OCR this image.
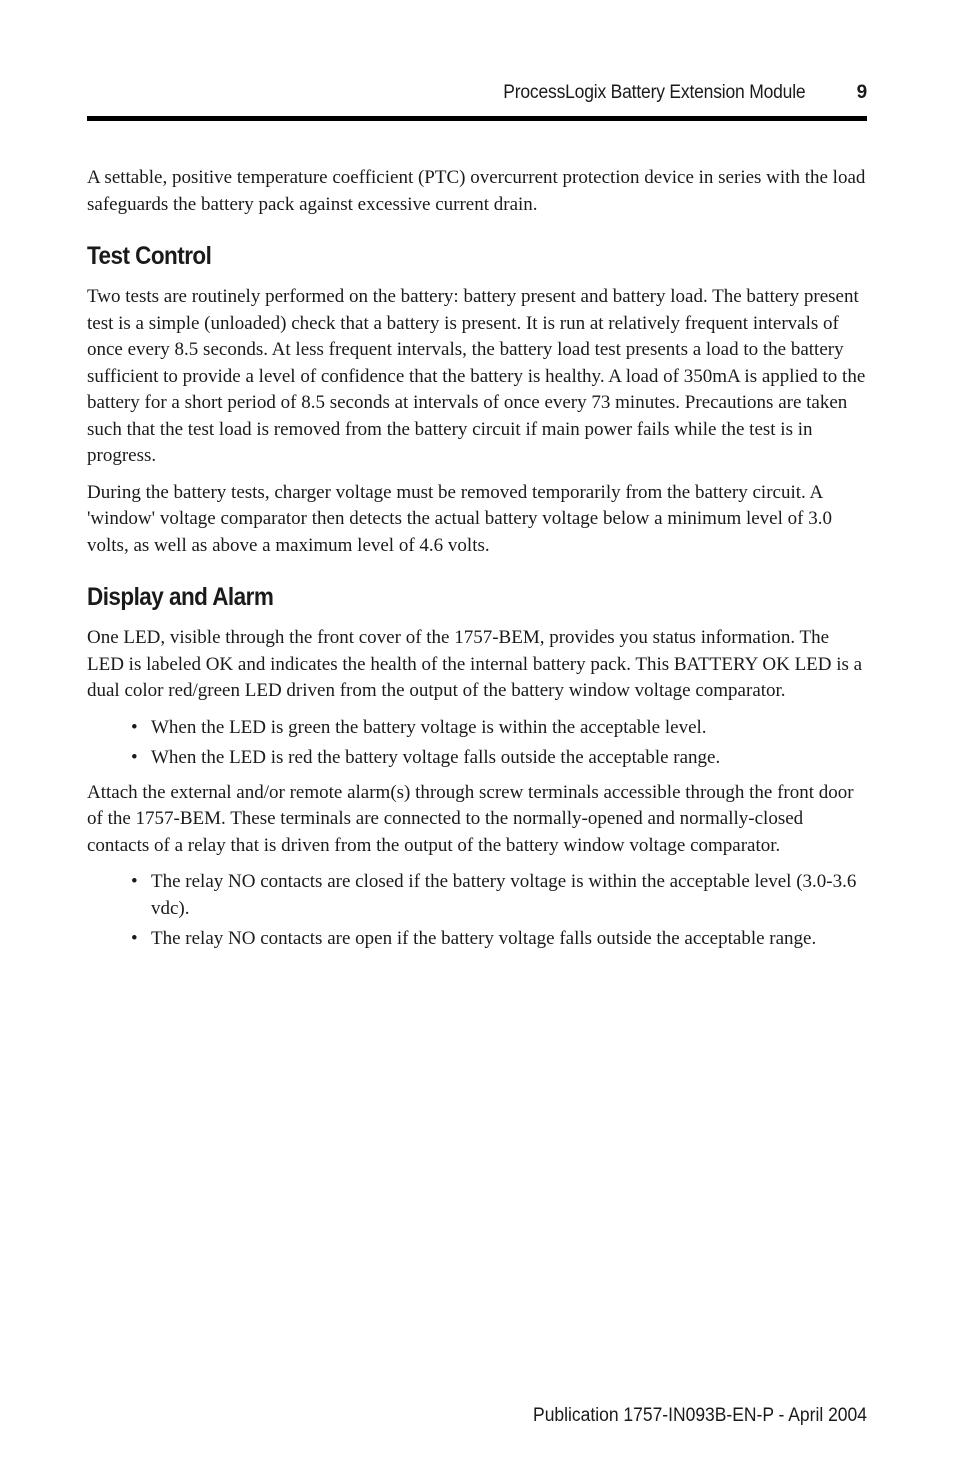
ProcessLogix Battery Extension Module	9

A settable, positive temperature coefficient (PTC) overcurrent protection device in series with the load safeguards the battery pack against excessive current drain.

Test Control

Two tests are routinely performed on the battery: battery present and battery load. The battery present test is a simple (unloaded) check that a battery is present. It is run at relatively frequent intervals of once every 8.5 seconds. At less frequent intervals, the battery load test presents a load to the battery sufficient to provide a level of confidence that the battery is healthy. A load of 350mA is applied to the battery for a short period of 8.5 seconds at intervals of once every 73 minutes. Precautions are taken such that the test load is removed from the battery circuit if main power fails while the test is in progress.

During the battery tests, charger voltage must be removed temporarily from the battery circuit. A 'window' voltage comparator then detects the actual battery voltage below a minimum level of 3.0 volts, as well as above a maximum level of 4.6 volts.

Display and Alarm

One LED, visible through the front cover of the 1757-BEM, provides you status information. The LED is labeled OK and indicates the health of the internal battery pack. This BATTERY OK LED is a dual color red/green LED driven from the output of the battery window voltage comparator.

• When the LED is green the battery voltage is within the acceptable level.
• When the LED is red the battery voltage falls outside the acceptable range.

Attach the external and/or remote alarm(s) through screw terminals accessible through the front door of the 1757-BEM. These terminals are connected to the normally-opened and normally-closed contacts of a relay that is driven from the output of the battery window voltage comparator.

• The relay NO contacts are closed if the battery voltage is within the acceptable level (3.0-3.6 vdc).
• The relay NO contacts are open if the battery voltage falls outside the acceptable range.
Publication 1757-IN093B-EN-P - April 2004
